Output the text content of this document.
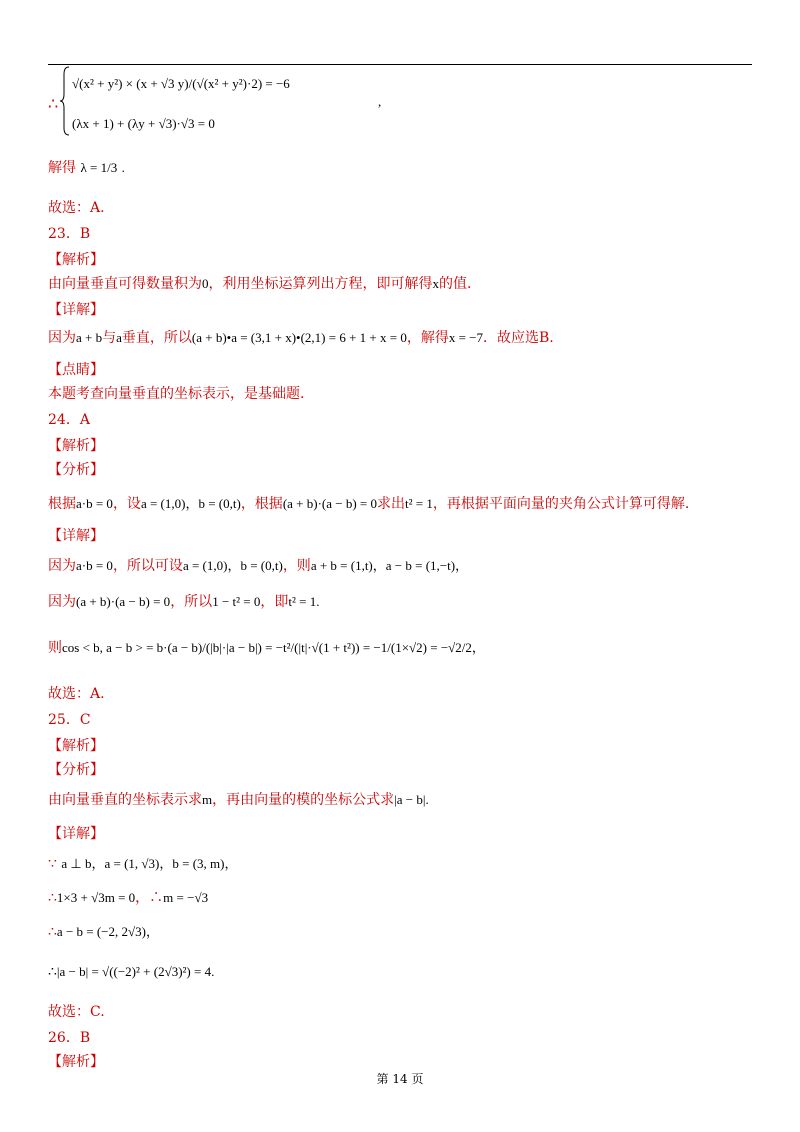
∴
√(x² + y²) × (x + √3 y)/(√(x² + y²)·2) = −6
(λx + 1) + (λy + √3)·√3 = 0
,
解得 λ = 1/3 .
故选：A.
23．B
【解析】
由向量垂直可得数量积为0，利用坐标运算列出方程，即可解得x的值.
【详解】
因为a + b与a垂直，所以(a + b)•a = (3,1 + x)•(2,1) = 6 + 1 + x = 0，解得x = −7．故应选B.
【点睛】
本题考查向量垂直的坐标表示，是基础题.
24．A
【解析】
【分析】
根据a·b = 0，设a = (1,0)，b = (0,t)，根据(a + b)·(a − b) = 0求出t² = 1，再根据平面向量的夹角公式计算可得解.
【详解】
因为a·b = 0，所以可设a = (1,0)，b = (0,t)，则a + b = (1,t)，a − b = (1,−t)，
因为(a + b)·(a − b) = 0，所以1 − t² = 0，即t² = 1.
则cos < b, a − b > = b·(a − b)/(|b|·|a − b|) = −t²/(|t|·√(1 + t²)) = −1/(1×√2) = −√2/2，
故选：A.
25．C
【解析】
【分析】
由向量垂直的坐标表示求m，再由向量的模的坐标公式求|a − b|.
【详解】
∵ a ⊥ b，a = (1, √3)，b = (3, m)，
∴1×3 + √3m = 0，∴m = −√3
∴a − b = (−2, 2√3)，
∴|a − b| = √((−2)² + (2√3)²) = 4.
故选：C.
26．B
【解析】
第 14 页
